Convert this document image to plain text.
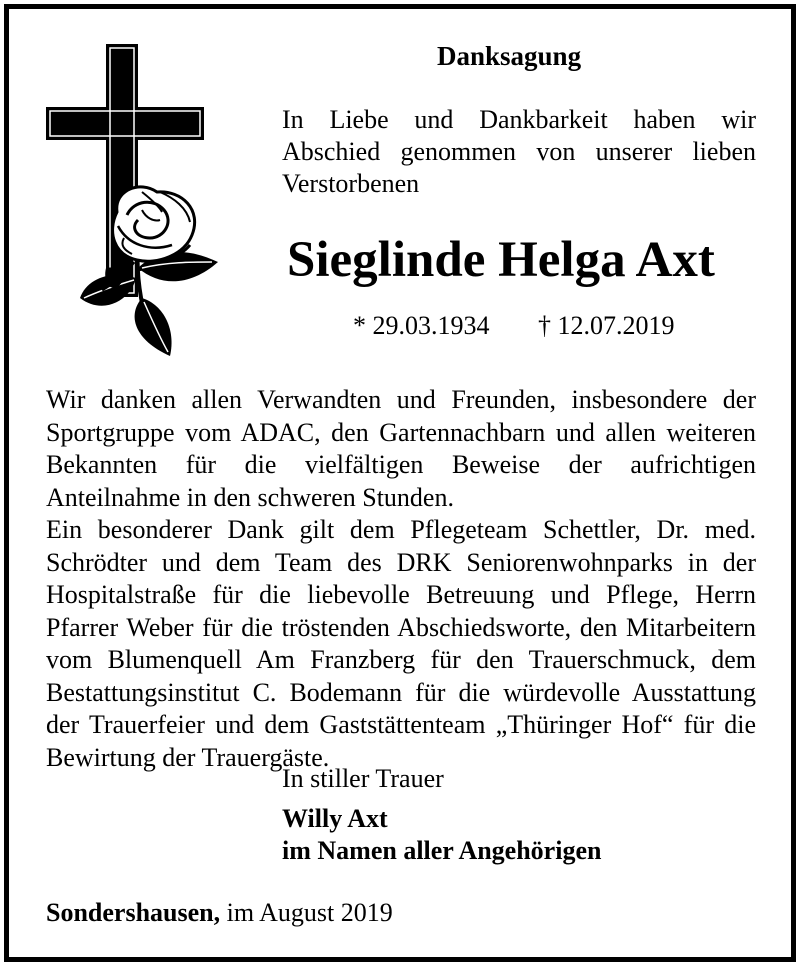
Danksagung
In Liebe und Dankbarkeit haben wir Abschied genommen von unserer lieben Verstorbenen
Sieglinde Helga Axt
* 29.03.1934 † 12.07.2019

Wir danken allen Verwandten und Freunden, insbesondere der Sportgruppe vom ADAC, den Gartennachbarn und allen weiteren Bekannten für die vielfältigen Beweise der aufrichtigen Anteilnahme in den schweren Stunden.

Ein besonderer Dank gilt dem Pflegeteam Schettler, Dr. med. Schrödter und dem Team des DRK Seniorenwohnparks in der Hospitalstraße für die liebevolle Betreuung und Pflege, Herrn Pfarrer Weber für die tröstenden Abschiedsworte, den Mitarbeitern vom Blumenquell Am Franzberg für den Trauerschmuck, dem Bestattungsinstitut C. Bodemann für die würdevolle Ausstattung der Trauerfeier und dem Gaststättenteam „Thüringer Hof“ für die Bewirtung der Trauergäste.

In stiller Trauer
Willy Axt
im Namen aller Angehörigen
Sondershausen, im August 2019
